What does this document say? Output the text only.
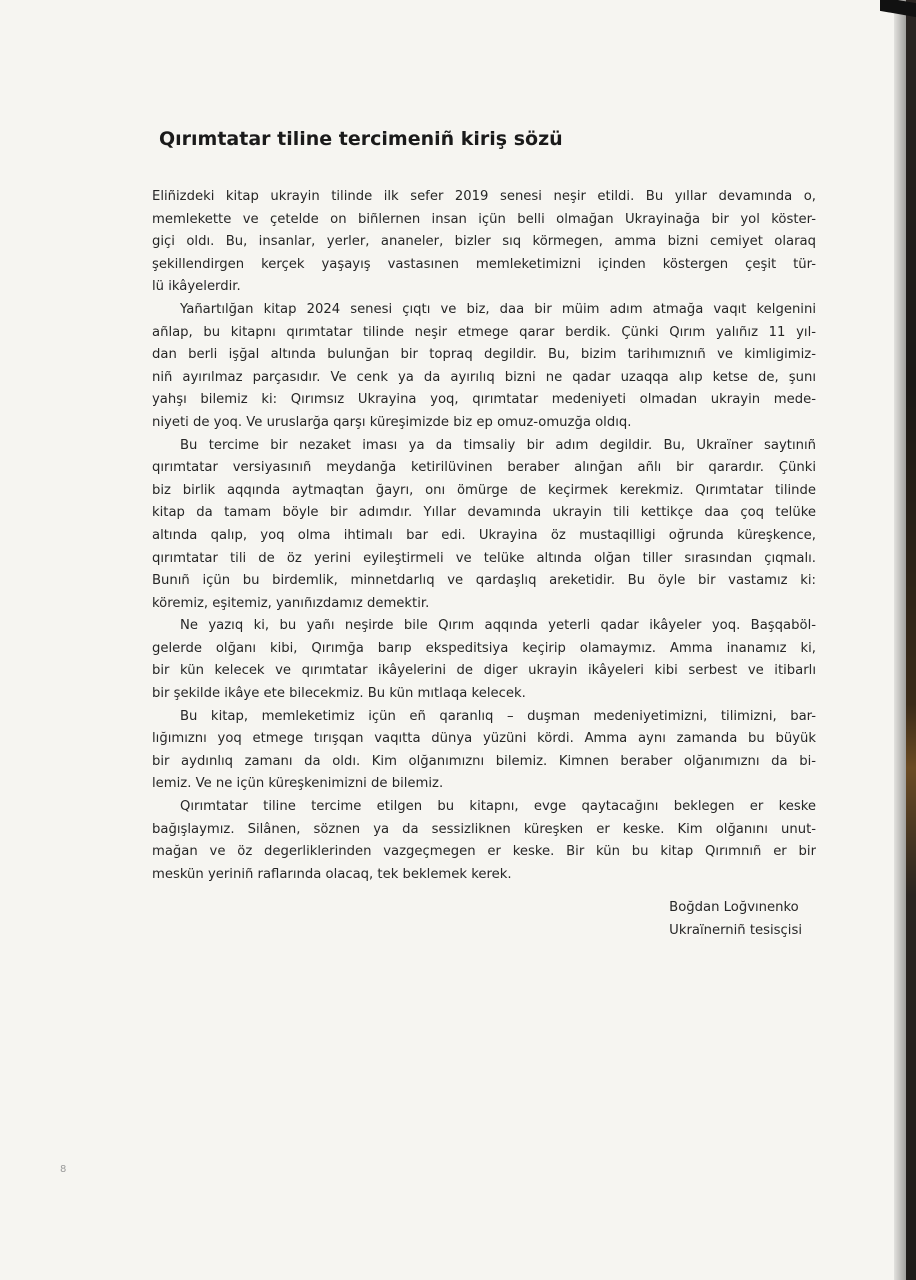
Qırımtatar tiline tercimeniñ kiriş sözü
Eliñizdeki kitap ukrayin tilinde ilk sefer 2019 senesi neşir etildi. Bu yıllar devamında o,
memlekette ve çetelde on biñlernen insan içün belli olmağan Ukrayinağa bir yol köster-
giçi oldı. Bu, insanlar, yerler, ananeler, bizler sıq körmegen, amma bizni cemiyet olaraq
şekillendirgen kerçek yaşayış vastasınen memleketimizni içinden köstergen çeşit tür-
lü ikâyelerdir.
Yañartılğan kitap 2024 senesi çıqtı ve biz, daa bir müim adım atmağa vaqıt kelgenini
añlap, bu kitapnı qırımtatar tilinde neşir etmege qarar berdik. Çünki Qırım yalıñız 11 yıl-
dan berli işğal altında bulunğan bir topraq degildir. Bu, bizim tarihımıznıñ ve kimligimiz-
niñ ayırılmaz parçasıdır. Ve cenk ya da ayırılıq bizni ne qadar uzaqqa alıp ketse de, şunı
yahşı bilemiz ki: Qırımsız Ukrayina yoq, qırımtatar medeniyeti olmadan ukrayin mede-
niyeti de yoq. Ve uruslarğa qarşı küreşimizde biz ep omuz-omuzğa oldıq.
Bu tercime bir nezaket iması ya da timsaliy bir adım degildir. Bu, Ukraïner saytınıñ
qırımtatar versiyasınıñ meydanğa ketirilüvinen beraber alınğan añlı bir qarardır. Çünki
biz birlik aqqında aytmaqtan ğayrı, onı ömürge de keçirmek kerekmiz. Qırımtatar tilinde
kitap da tamam böyle bir adımdır. Yıllar devamında ukrayin tili kettikçe daa çoq telüke
altında qalıp, yoq olma ihtimalı bar edi. Ukrayina öz mustaqilligi oğrunda küreşkence,
qırımtatar tili de öz yerini eyileştirmeli ve telüke altında olğan tiller sırasından çıqmalı.
Bunıñ içün bu birdemlik, minnetdarlıq ve qardaşlıq areketidir. Bu öyle bir vastamız ki:
köremiz, eşitemiz, yanıñızdamız demektir.
Ne yazıq ki, bu yañı neşirde bile Qırım aqqında yeterli qadar ikâyeler yoq. Başqaböl-
gelerde olğanı kibi, Qırımğa barıp ekspeditsiya keçirip olamaymız. Amma inanamız ki,
bir kün kelecek ve qırımtatar ikâyelerini de diger ukrayin ikâyeleri kibi serbest ve itibarlı
bir şekilde ikâye ete bilecekmiz. Bu kün mıtlaqa kelecek.
Bu kitap, memleketimiz içün eñ qaranlıq – duşman medeniyetimizni, tilimizni, bar-
lığımıznı yoq etmege tırışqan vaqıtta dünya yüzüni kördi. Amma aynı zamanda bu büyük
bir aydınlıq zamanı da oldı. Kim olğanımıznı bilemiz. Kimnen beraber olğanımıznı da bi-
lemiz. Ve ne içün küreşkenimizni de bilemiz.
Qırımtatar tiline tercime etilgen bu kitapnı, evge qaytacağını beklegen er keske
bağışlaymız. Silânen, söznen ya da sessizliknen küreşken er keske. Kim olğanını unut-
mağan ve öz degerliklerinden vazgeçmegen er keske. Bir kün bu kitap Qırımnıñ er bir
meskün yeriniñ raflarında olacaq, tek beklemek kerek.
Boğdan Loğvınenko
Ukraïnerniñ tesisçisi
8
